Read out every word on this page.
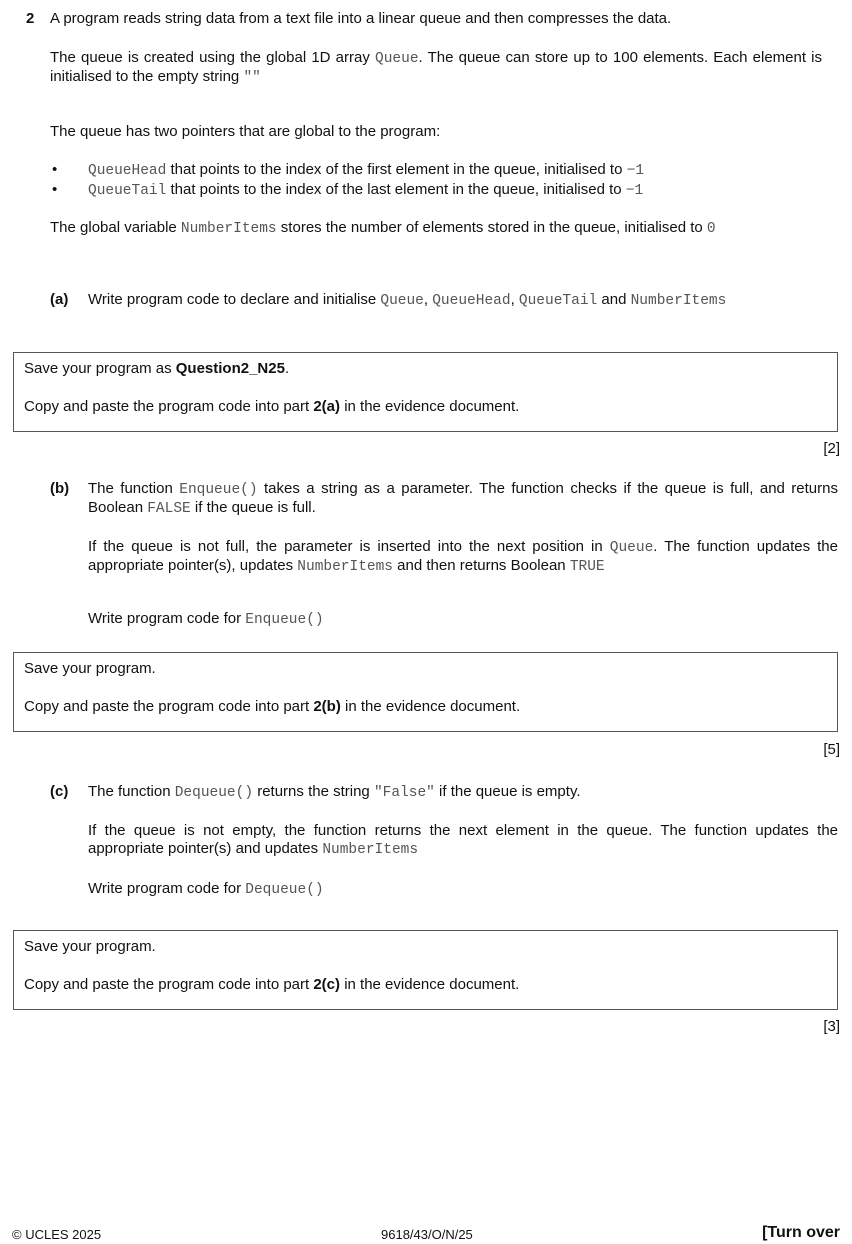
2 A program reads string data from a text file into a linear queue and then compresses the data.
The queue is created using the global 1D array Queue. The queue can store up to 100 elements. Each element is initialised to the empty string ""
The queue has two pointers that are global to the program:
• QueueHead that points to the index of the first element in the queue, initialised to −1
• QueueTail that points to the index of the last element in the queue, initialised to −1
The global variable NumberItems stores the number of elements stored in the queue, initialised to 0
(a) Write program code to declare and initialise Queue, QueueHead, QueueTail and NumberItems
Save your program as Question2_N25.
Copy and paste the program code into part 2(a) in the evidence document.
[2]
(b) The function Enqueue() takes a string as a parameter. The function checks if the queue is full, and returns Boolean FALSE if the queue is full.
If the queue is not full, the parameter is inserted into the next position in Queue. The function updates the appropriate pointer(s), updates NumberItems and then returns Boolean TRUE
Write program code for Enqueue()
Save your program.
Copy and paste the program code into part 2(b) in the evidence document.
[5]
(c) The function Dequeue() returns the string "False" if the queue is empty.
If the queue is not empty, the function returns the next element in the queue. The function updates the appropriate pointer(s) and updates NumberItems
Write program code for Dequeue()
Save your program.
Copy and paste the program code into part 2(c) in the evidence document.
[3]
© UCLES 2025	9618/43/O/N/25	[Turn over
